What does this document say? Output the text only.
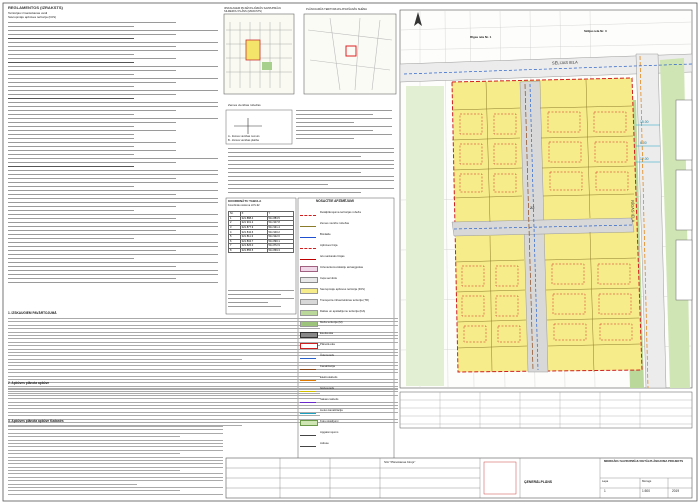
REGLAMENTOS (IZRAKSTS)
Teritorijas izmantošanas veidi
Savrupmāju apbūves teritorija (DzS)
1. IZSKAUGIEM PAVĀRTOJUMĀ
2. Apbūves plānota apbūve
3. Apbūves plānota apbūve Kadastrs
IZSKAUGIEM PILSĒTAS AĪZRĀS SAVRUPMĀJU SILMEROU PLĀNS (IZRAKSTS)
PLĀNOJAMĀS TERITORIJAS ATRAŠANĀS SHĒMA
Zemes vienības robežas
A - Zemes vienības numurs
B - Zemes vienības platība
KOORDINĀTU TABULA
Koordinātu sistēma LKS-92
Nr.	X	Y
1	321 888.4	511 883.5
2	321 901.2	511 907.8
3	321 877.9	511 931.4
4	321 842.6	511 940.2
5	321 811.3	511 922.6
6	321 804.7	511 890.1
7	321 826.0	511 872.9
8	321 855.5	511 869.3
NOSACĪTIE APZĪMĒJUMI
Detālplānojuma teritorijas robeža
Zemes vienību robežas
Būvlaide
Apbūves līnija
Ielu sarkanās līnijas
Inženierkomunikāciju aizsargjoslas
Ceļa servitūts
Savrupmāju apbūves teritorija (DzS)
Transporta infrastruktūras teritorija (TR)
Dabas un apstādījumu teritorija (DA)
Meža teritorija (M)
Esošā ēka
Plānotā ēka
Ūdensvads
Kanalizācija
Elektrokabelis
Gāzesvads
Sakaru kabelis
Lietus kanalizācija
Koku stādījumi
Apgaismojums
Adrese
SĒLIJAS IELA
RĪGAS IELA
Rīgas iela Nr. 1
Sēlijas iela Nr. 3
22
15.00
6.00
12.00
MIKROĀKU SAVRUPMĀJU DETĀLPLĀNOJUMA PROJEKTS
ĢENERĀLPLĀNS
SIA "Plānošanas birojs"
Lapa
1
Mērogs
1:500	2019
